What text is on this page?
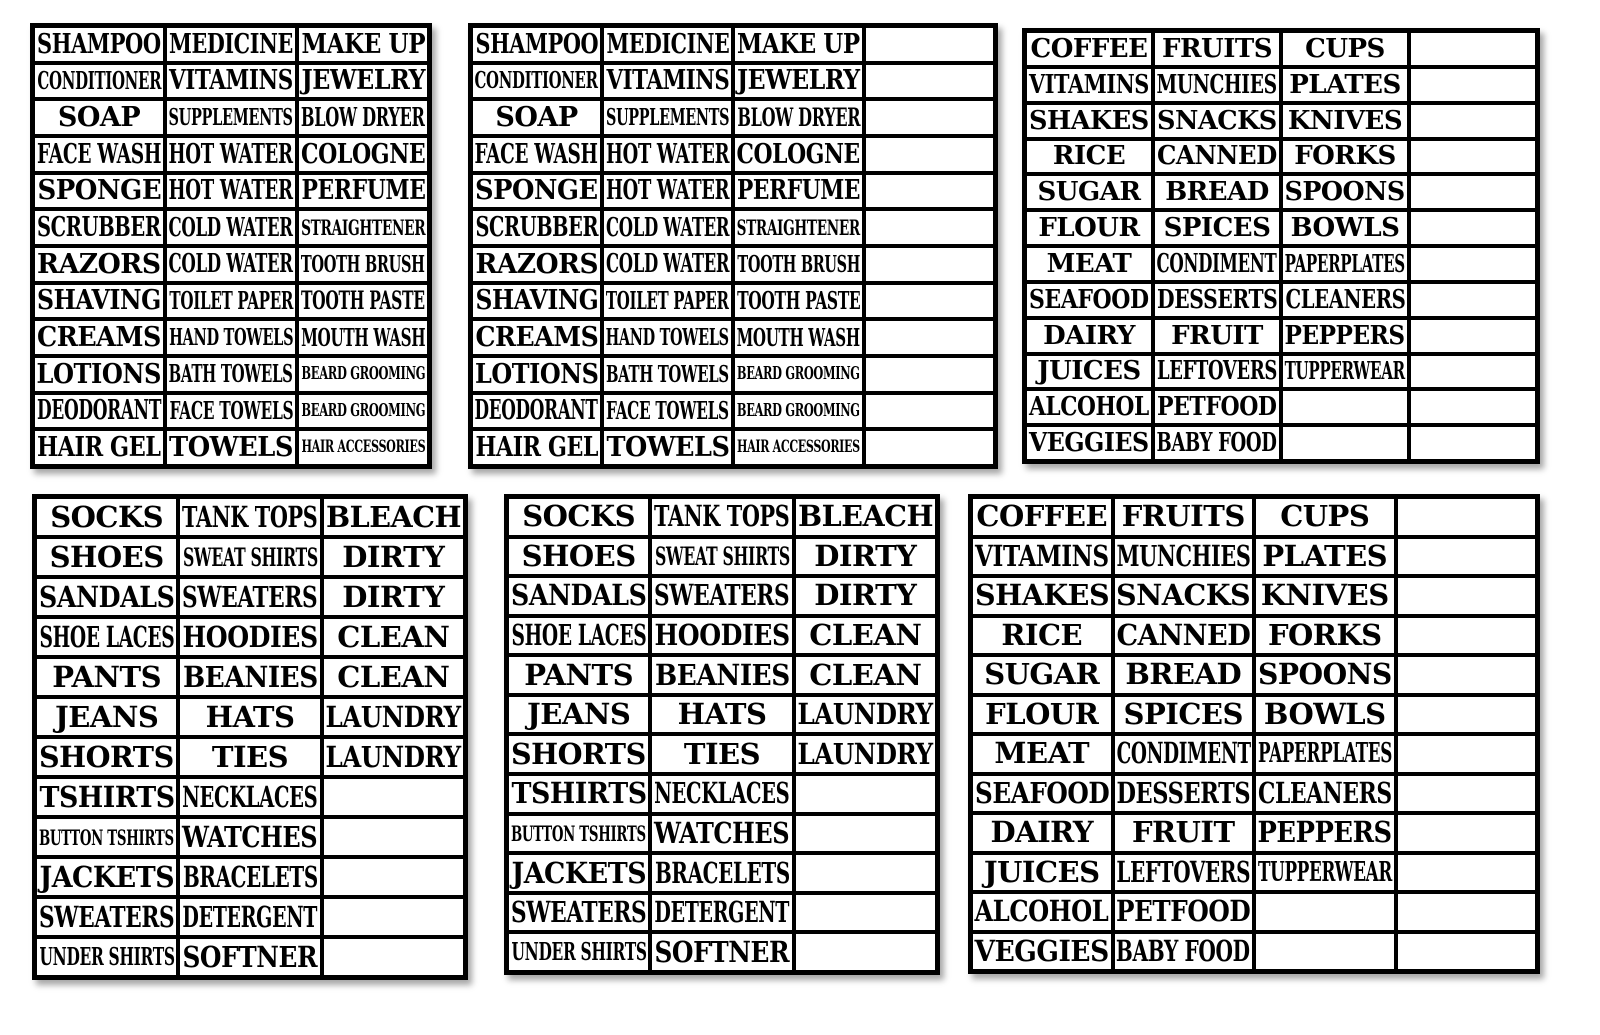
SHAMPOO MEDICINE MAKE UP
CONDITIONER VITAMINS JEWELRY
SOAP SUPPLEMENTS BLOW DRYER
FACE WASH HOT WATER COLOGNE
SPONGE HOT WATER PERFUME
SCRUBBER COLD WATER STRAIGHTENER
RAZORS COLD WATER TOOTH BRUSH
SHAVING TOILET PAPER TOOTH PASTE
CREAMS HAND TOWELS MOUTH WASH
LOTIONS BATH TOWELS BEARD GROOMING
DEODORANT FACE TOWELS BEARD GROOMING
HAIR GEL TOWELS HAIR ACCESSORIES
SHAMPOO MEDICINE MAKE UP
CONDITIONER VITAMINS JEWELRY
SOAP SUPPLEMENTS BLOW DRYER
FACE WASH HOT WATER COLOGNE
SPONGE HOT WATER PERFUME
SCRUBBER COLD WATER STRAIGHTENER
RAZORS COLD WATER TOOTH BRUSH
SHAVING TOILET PAPER TOOTH PASTE
CREAMS HAND TOWELS MOUTH WASH
LOTIONS BATH TOWELS BEARD GROOMING
DEODORANT FACE TOWELS BEARD GROOMING
HAIR GEL TOWELS HAIR ACCESSORIES
COFFEE FRUITS CUPS
VITAMINS MUNCHIES PLATES
SHAKES SNACKS KNIVES
RICE CANNED FORKS
SUGAR BREAD SPOONS
FLOUR SPICES BOWLS
MEAT CONDIMENT PAPERPLATES
SEAFOOD DESSERTS CLEANERS
DAIRY FRUIT PEPPERS
JUICES LEFTOVERS TUPPERWEAR
ALCOHOL PETFOOD
VEGGIES BABY FOOD
SOCKS TANK TOPS BLEACH
SHOES SWEAT SHIRTS DIRTY
SANDALS SWEATERS DIRTY
SHOE LACES HOODIES CLEAN
PANTS BEANIES CLEAN
JEANS HATS LAUNDRY
SHORTS TIES LAUNDRY
TSHIRTS NECKLACES
BUTTON TSHIRTS WATCHES
JACKETS BRACELETS
SWEATERS DETERGENT
UNDER SHIRTS SOFTNER
SOCKS TANK TOPS BLEACH
SHOES SWEAT SHIRTS DIRTY
SANDALS SWEATERS DIRTY
SHOE LACES HOODIES CLEAN
PANTS BEANIES CLEAN
JEANS HATS LAUNDRY
SHORTS TIES LAUNDRY
TSHIRTS NECKLACES
BUTTON TSHIRTS WATCHES
JACKETS BRACELETS
SWEATERS DETERGENT
UNDER SHIRTS SOFTNER
COFFEE FRUITS CUPS
VITAMINS MUNCHIES PLATES
SHAKES SNACKS KNIVES
RICE CANNED FORKS
SUGAR BREAD SPOONS
FLOUR SPICES BOWLS
MEAT CONDIMENT PAPERPLATES
SEAFOOD DESSERTS CLEANERS
DAIRY FRUIT PEPPERS
JUICES LEFTOVERS TUPPERWEAR
ALCOHOL PETFOOD
VEGGIES BABY FOOD
